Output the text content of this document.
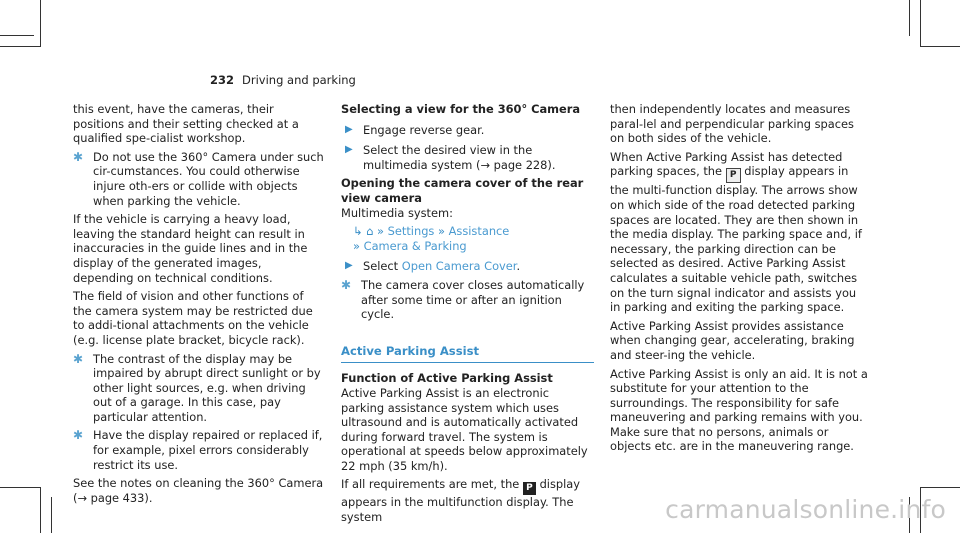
232 Driving and parking

this event, have the cameras, their positions and their setting checked at a qualified spe-cialist workshop.

✱ Do not use the 360° Camera under such cir-cumstances. You could otherwise injure oth-ers or collide with objects when parking the vehicle.

If the vehicle is carrying a heavy load, leaving the standard height can result in inaccuracies in the guide lines and in the display of the generated images, depending on technical conditions.

The field of vision and other functions of the camera system may be restricted due to addi-tional attachments on the vehicle (e.g. license plate bracket, bicycle rack).

✱ The contrast of the display may be impaired by abrupt direct sunlight or by other light sources, e.g. when driving out of a garage. In this case, pay particular attention.
✱ Have the display repaired or replaced if, for example, pixel errors considerably restrict its use.

See the notes on cleaning the 360° Camera (→ page 433).

Selecting a view for the 360° Camera
▶ Engage reverse gear.
▶ Select the desired view in the multimedia system (→ page 228).
Opening the camera cover of the rear view camera

Multimedia system:

↳ ⌂ » Settings » Assistance
» Camera & Parking
▶ Select Open Camera Cover.
✱ The camera cover closes automatically after some time or after an ignition cycle.
Active Parking Assist
Function of Active Parking Assist

Active Parking Assist is an electronic parking assistance system which uses ultrasound and is automatically activated during forward travel. The system is operational at speeds below approximately 22 mph (35 km/h).

If all requirements are met, the P display appears in the multifunction display. The system

then independently locates and measures paral-lel and perpendicular parking spaces on both sides of the vehicle.

When Active Parking Assist has detected parking spaces, the P display appears in the multi-function display. The arrows show on which side of the road detected parking spaces are located. They are then shown in the media display. The parking space and, if necessary, the parking direction can be selected as desired. Active Parking Assist calculates a suitable vehicle path, switches on the turn signal indicator and assists you in parking and exiting the parking space.

Active Parking Assist provides assistance when changing gear, accelerating, braking and steer-ing the vehicle.

Active Parking Assist is only an aid. It is not a substitute for your attention to the surroundings. The responsibility for safe maneuvering and parking remains with you. Make sure that no persons, animals or objects etc. are in the maneuvering range.

carmanualsonline.info
